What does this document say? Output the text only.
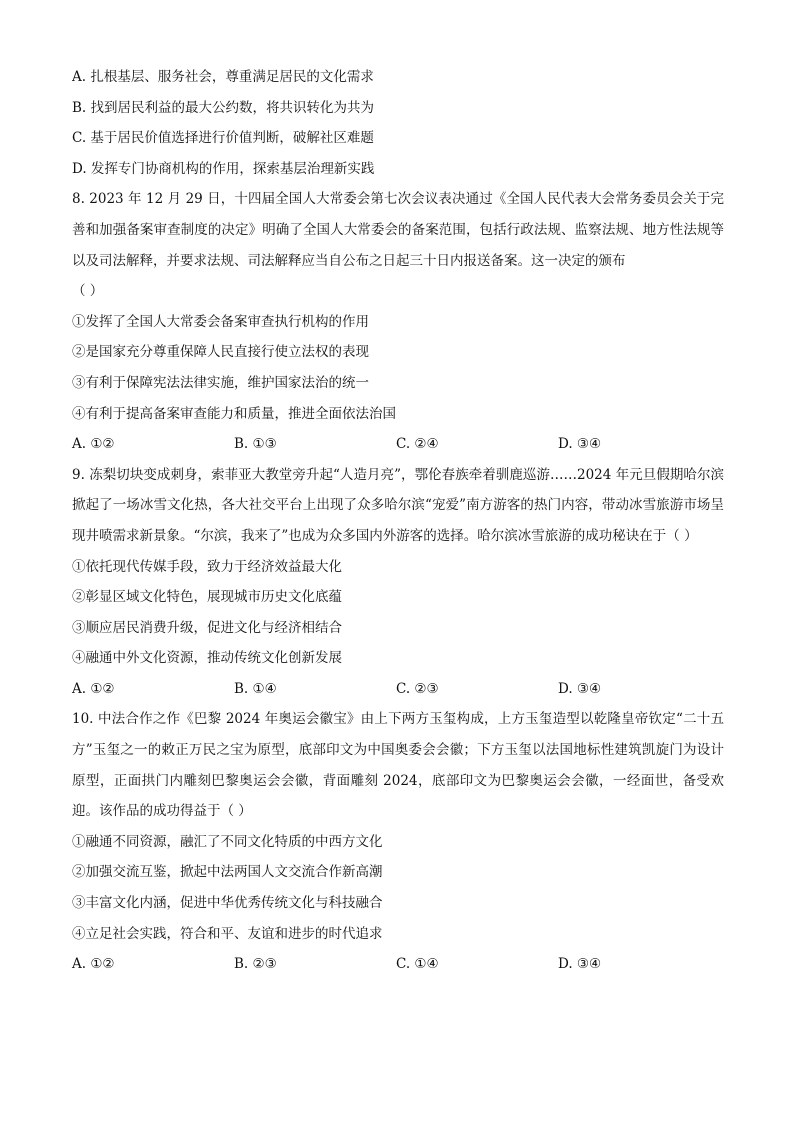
A. 扎根基层、服务社会，尊重满足居民的文化需求
B. 找到居民利益的最大公约数，将共识转化为共为
C. 基于居民价值选择进行价值判断，破解社区难题
D. 发挥专门协商机构的作用，探索基层治理新实践
8. 2023 年 12 月 29 日，十四届全国人大常委会第七次会议表决通过《全国人民代表大会常务委员会关于完善和加强备案审查制度的决定》明确了全国人大常委会的备案范围，包括行政法规、监察法规、地方性法规等以及司法解释，并要求法规、司法解释应当自公布之日起三十日内报送备案。这一决定的颁布
（ ）
①发挥了全国人大常委会备案审查执行机构的作用
②是国家充分尊重保障人民直接行使立法权的表现
③有利于保障宪法法律实施，维护国家法治的统一
④有利于提高备案审查能力和质量，推进全面依法治国
A. ①②	B. ①③	C. ②④	D. ③④
9. 冻梨切块变成刺身，索菲亚大教堂旁升起“人造月亮”，鄂伦春族牵着驯鹿巡游……2024 年元旦假期哈尔滨掀起了一场冰雪文化热，各大社交平台上出现了众多哈尔滨“宠爱”南方游客的热门内容，带动冰雪旅游市场呈现井喷需求新景象。“尔滨，我来了”也成为众多国内外游客的选择。哈尔滨冰雪旅游的成功秘诀在于（ ）
①依托现代传媒手段，致力于经济效益最大化
②彰显区域文化特色，展现城市历史文化底蕴
③顺应居民消费升级，促进文化与经济相结合
④融通中外文化资源，推动传统文化创新发展
A. ①②	B. ①④	C. ②③	D. ③④
10. 中法合作之作《巴黎 2024 年奥运会徽宝》由上下两方玉玺构成，上方玉玺造型以乾隆皇帝钦定“二十五方”玉玺之一的敕正万民之宝为原型，底部印文为中国奥委会会徽；下方玉玺以法国地标性建筑凯旋门为设计原型，正面拱门内雕刻巴黎奥运会会徽，背面雕刻 2024，底部印文为巴黎奥运会会徽，一经面世，备受欢迎。该作品的成功得益于（ ）
①融通不同资源，融汇了不同文化特质的中西方文化
②加强交流互鉴，掀起中法两国人文交流合作新高潮
③丰富文化内涵，促进中华优秀传统文化与科技融合
④立足社会实践，符合和平、友谊和进步的时代追求
A. ①②	B. ②③	C. ①④	D. ③④
